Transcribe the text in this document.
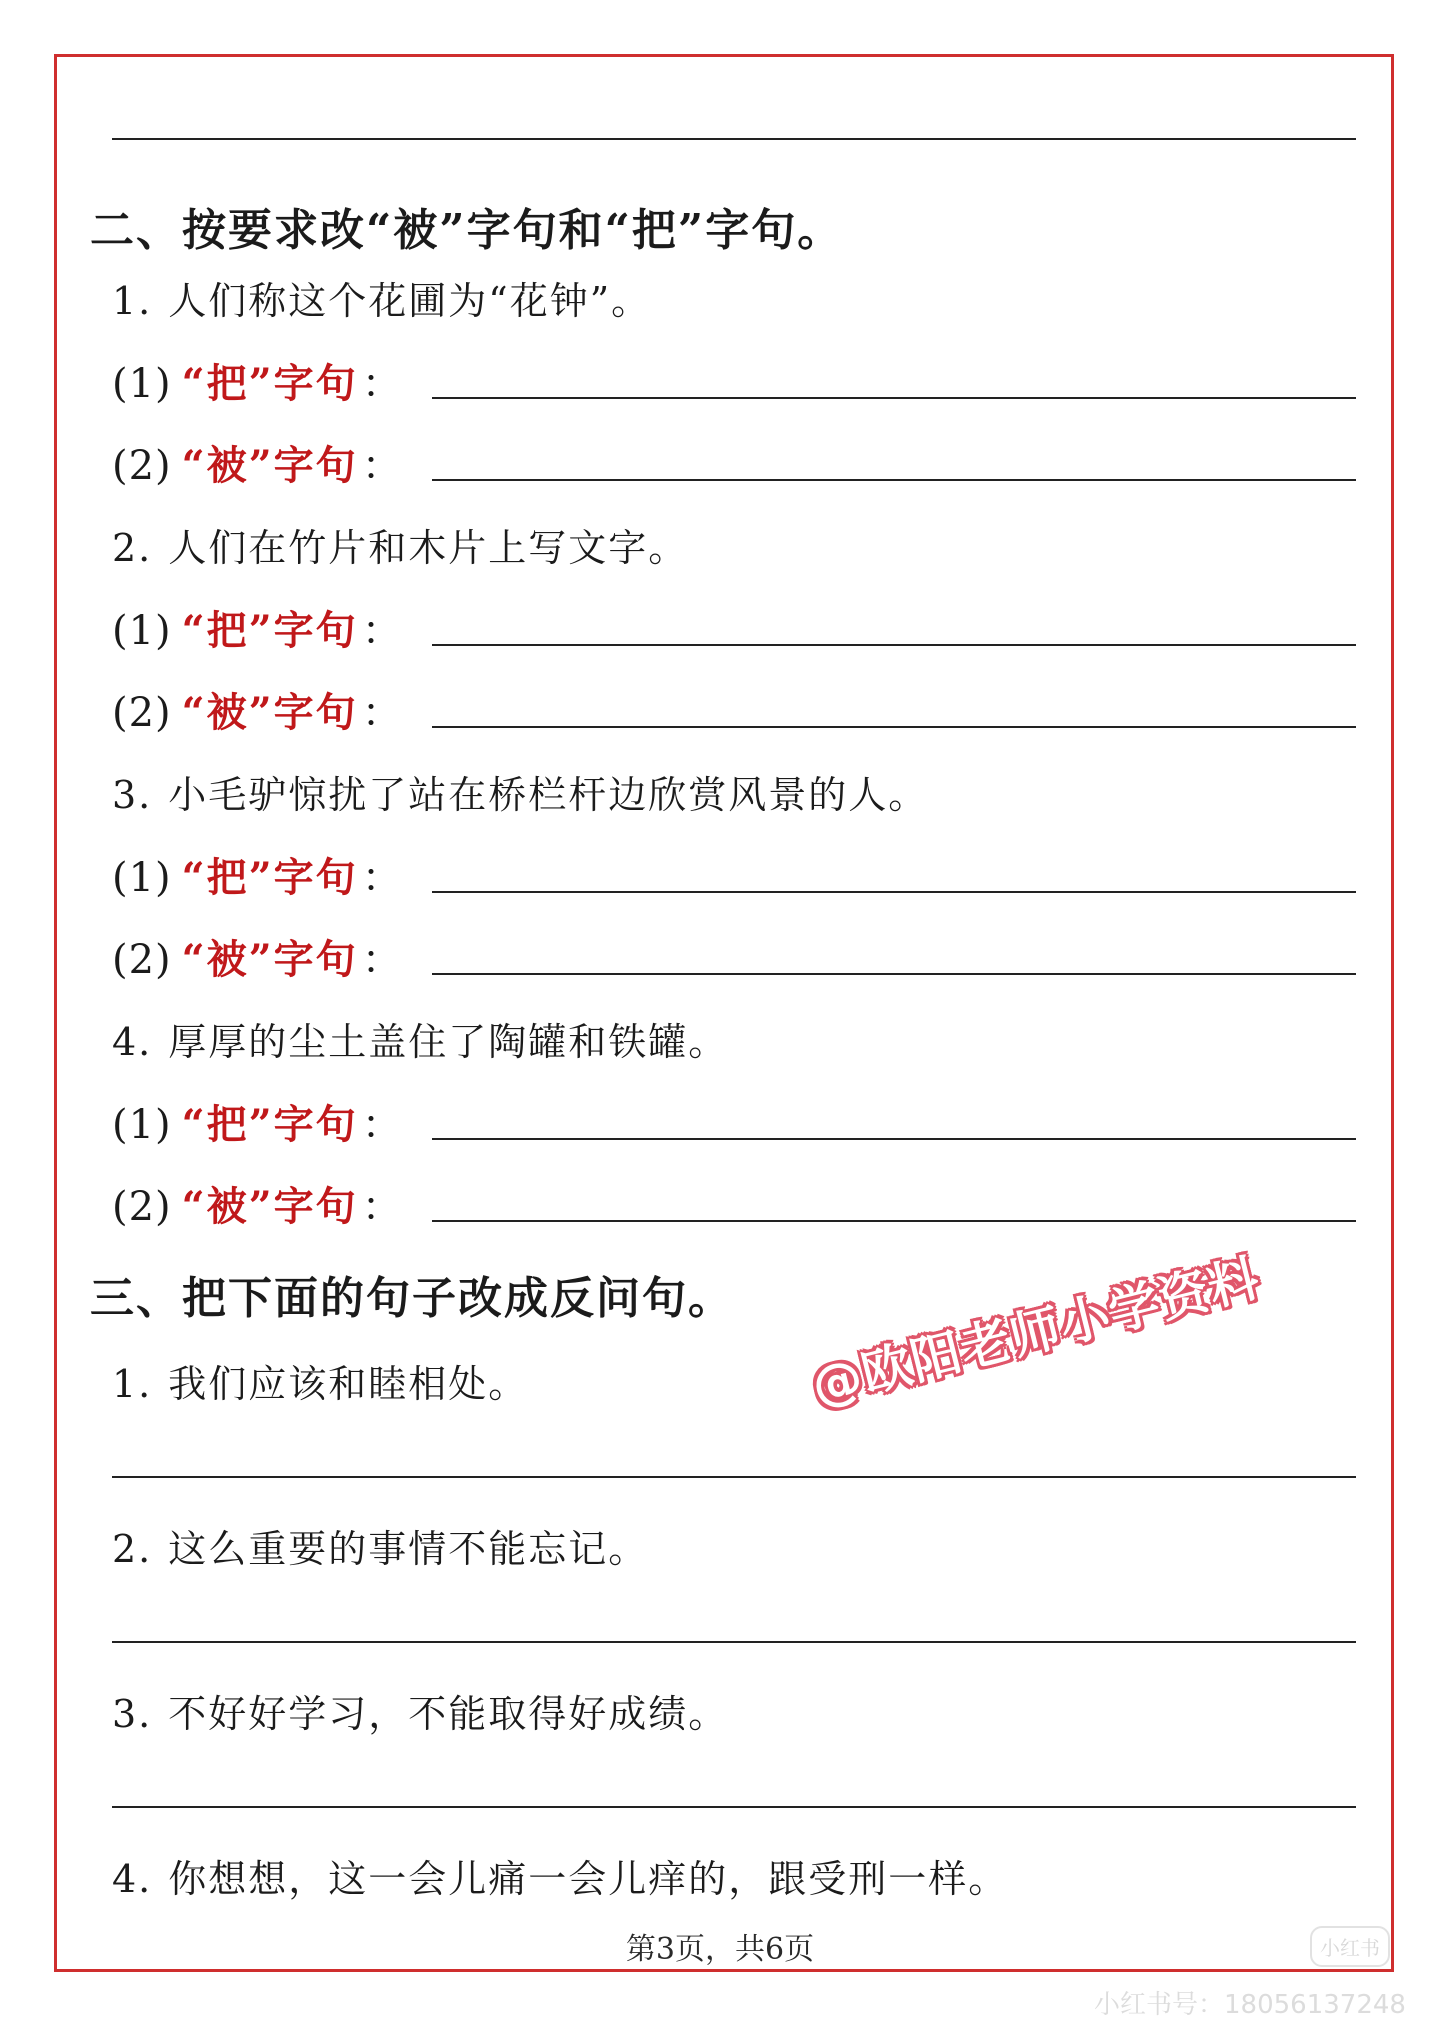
二、按要求改“被”字句和“把”字句。
1. 人们称这个花圃为“花钟”。
(1) “把”字句 ：
(2) “被”字句 ：
2. 人们在竹片和木片上写文字。
(1) “把”字句 ：
(2) “被”字句 ：
3. 小毛驴惊扰了站在桥栏杆边欣赏风景的人。
(1) “把”字句 ：
(2) “被”字句 ：
4. 厚厚的尘土盖住了陶罐和铁罐。
(1) “把”字句 ：
(2) “被”字句 ：
三、把下面的句子改成反问句。
1. 我们应该和睦相处。
2. 这么重要的事情不能忘记。
3. 不好好学习，不能取得好成绩。
4. 你想想，这一会儿痛一会儿痒的，跟受刑一样。
第3页，共6页
@欧阳老师小学资料
小红书
小红书号：18056137248
